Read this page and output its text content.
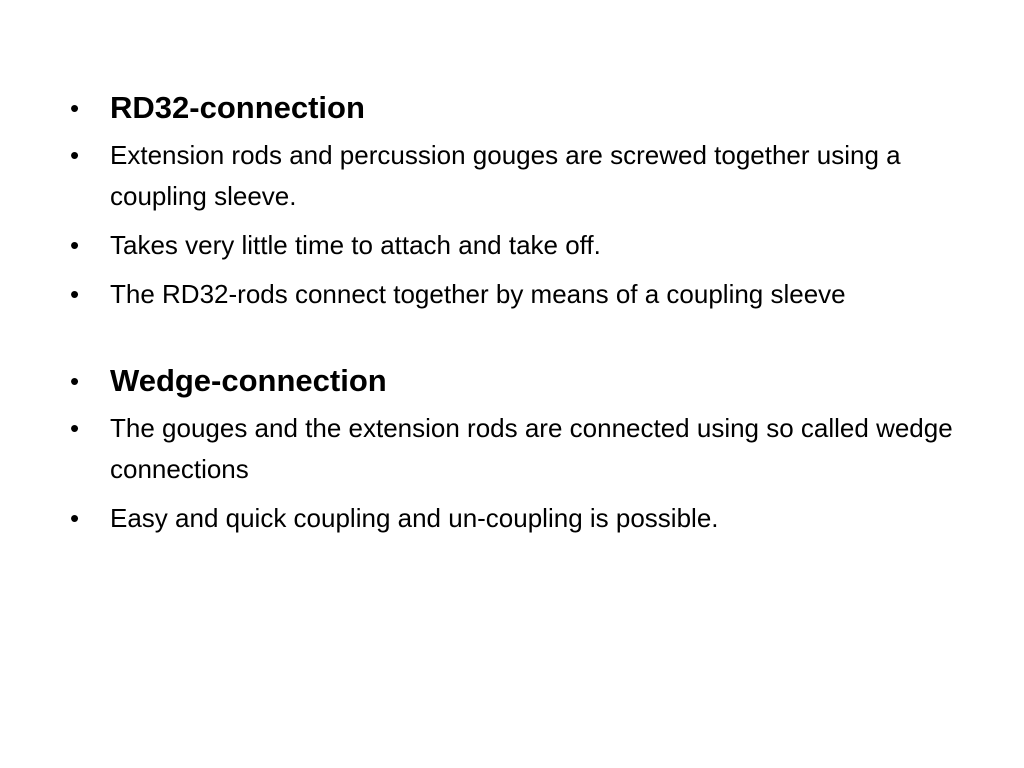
• RD32-connection
•	Extension rods and percussion gouges are screwed together using a coupling sleeve.
•	Takes very little time to attach and take off.
•	The RD32-rods connect together by means of a coupling sleeve
• Wedge-connection
•	The gouges and the extension rods are connected using so called wedge connections
•	Easy and quick coupling and un-coupling is possible.
